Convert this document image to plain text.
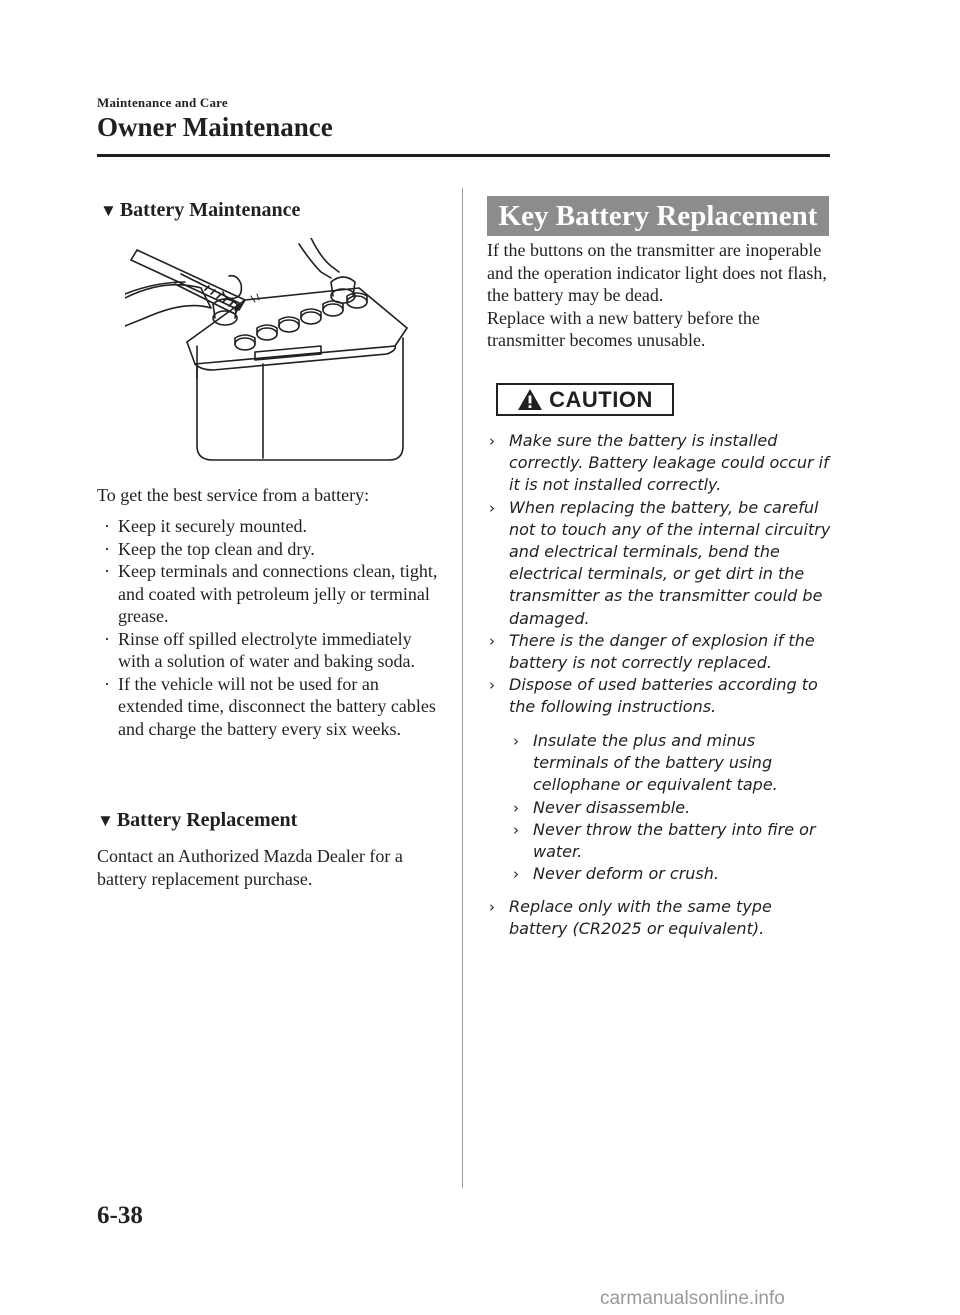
Maintenance and Care
Owner Maintenance
▼ Battery Maintenance
To get the best service from a battery:
· Keep it securely mounted.
· Keep the top clean and dry.
· Keep terminals and connections clean, tight, and coated with petroleum jelly or terminal grease.
· Rinse off spilled electrolyte immediately with a solution of water and baking soda.
· If the vehicle will not be used for an extended time, disconnect the battery cables and charge the battery every six weeks.
▼ Battery Replacement
Contact an Authorized Mazda Dealer for a battery replacement purchase.
Key Battery Replacement
If the buttons on the transmitter are inoperable and the operation indicator light does not flash, the battery may be dead.
Replace with a new battery before the transmitter becomes unusable.
CAUTION
› Make sure the battery is installed correctly. Battery leakage could occur if it is not installed correctly.
› When replacing the battery, be careful not to touch any of the internal circuitry and electrical terminals, bend the electrical terminals, or get dirt in the transmitter as the transmitter could be damaged.
› There is the danger of explosion if the battery is not correctly replaced.
› Dispose of used batteries according to the following instructions.
› Insulate the plus and minus terminals of the battery using cellophane or equivalent tape.
› Never disassemble.
› Never throw the battery into fire or water.
› Never deform or crush.
› Replace only with the same type battery (CR2025 or equivalent).
6-38
carmanualsonline.info
